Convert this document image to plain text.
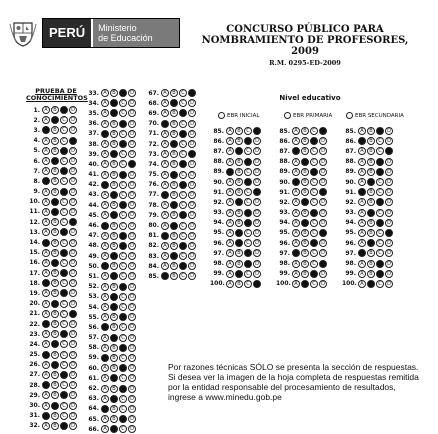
PERÚ	Ministerio
de Educación
CONCURSO PÚBLICO PARA
NOMBRAMIENTO DE PROFESORES, 2009
R.M. 0295-ED-2009
PRUEBA DE
CONOCIMIENTOS	Nivel educativo
EBR INICIAL	EBR PRIMARIA	EBR SECUNDARIA
1. A	B	C	D
2. A	B	C	D
3. A	B	C	D
4. A	B	C	D
5. A	B	C	D
6. A	B	C	D
7. A	B	C	D
8. A	B	C	D
9. A	B	C	D
10. A	B	C	D
11. A	B	C	D
12. A	B	C	D
13. A	B	C	D
14. A	B	C	D
15. A	B	C	D
16. A	B	C	D
17. A	B	C	D
18. A	B	C	D
19. A	B	C	D
20. A	B	C	D
21. A	B	C	D
22. A	B	C	D
23. A	B	C	D
24. A	B	C	D
25. A	B	C	D
26. A	B	C	D
27. A	B	C	D
28. A	B	C	D
29. A	B	C	D
30. A	B	C	D
31. A	B	C	D
32. A	B	C	D
33. A	B	C	D
34. A	B	C	D
35. A	B	C	D
36. A	B	C	D
37. A	B	C	D
38. A	B	C	D
39. A	B	C	D
40. A	B	C	D
41. A	B	C	D
42. A	B	C	D
43. A	B	C	D
44. A	B	C	D
45. A	B	C	D
46. A	B	C	D
47. A	B	C	D
48. A	B	C	D
49. A	B	C	D
50. A	B	C	D
51. A	B	C	D
52. A	B	C	D
53. A	B	C	D
54. A	B	C	D
55. A	B	C	D
56. A	B	C	D
57. A	B	C	D
58. A	B	C	D
59. A	B	C	D
60. A	B	C	D
61. A	B	C	D
62. A	B	C	D
63. A	B	C	D
64. A	B	C	D
65. A	B	C	D
66. A	B	C	D
67. A	B	C	D
68. A	B	C	D
69. A	B	C	D
70. A	B	C	D
71. A	B	C	D
72. A	B	C	D
73. A	B	C	D
74. A	B	C	D
75. A	B	C	D
76. A	B	C	D
77. A	B	C	D
78. A	B	C	D
79. A	B	C	D
80. A	B	C	D
81. A	B	C	D
82. A	B	C	D
83. A	B	C	D
84. A	B	C	D
85. A	B	C	D
85. A	B	C	D
86. A	B	C	D
87. A	B	C	D
88. A	B	C	D
89. A	B	C	D
90. A	B	C	D
91. A	B	C	D
92. A	B	C	D
93. A	B	C	D
94. A	B	C	D
95. A	B	C	D
96. A	B	C	D
97. A	B	C	D
98. A	B	C	D
99. A	B	C	D
100. A	B	C	D
85. A	B	C	D
86. A	B	C	D
87. A	B	C	D
88. A	B	C	D
89. A	B	C	D
90. A	B	C	D
91. A	B	C	D
92. A	B	C	D
93. A	B	C	D
94. A	B	C	D
95. A	B	C	D
96. A	B	C	D
97. A	B	C	D
98. A	B	C	D
99. A	B	C	D
100. A	B	C	D
85. A	B	C	D
86. A	B	C	D
87. A	B	C	D
88. A	B	C	D
89. A	B	C	D
90. A	B	C	D
91. A	B	C	D
92. A	B	C	D
93. A	B	C	D
94. A	B	C	D
95. A	B	C	D
96. A	B	C	D
97. A	B	C	D
98. A	B	C	D
99. A	B	C	D
100. A	B	C	D

Por razones técnicas SÓLO se presenta la sección de respuestas.

Si desea ver la imagen de la hoja completa de respuestas remitida

por la entidad responsable del procesamiento de resultados,

ingrese a www.minedu.gob.pe
